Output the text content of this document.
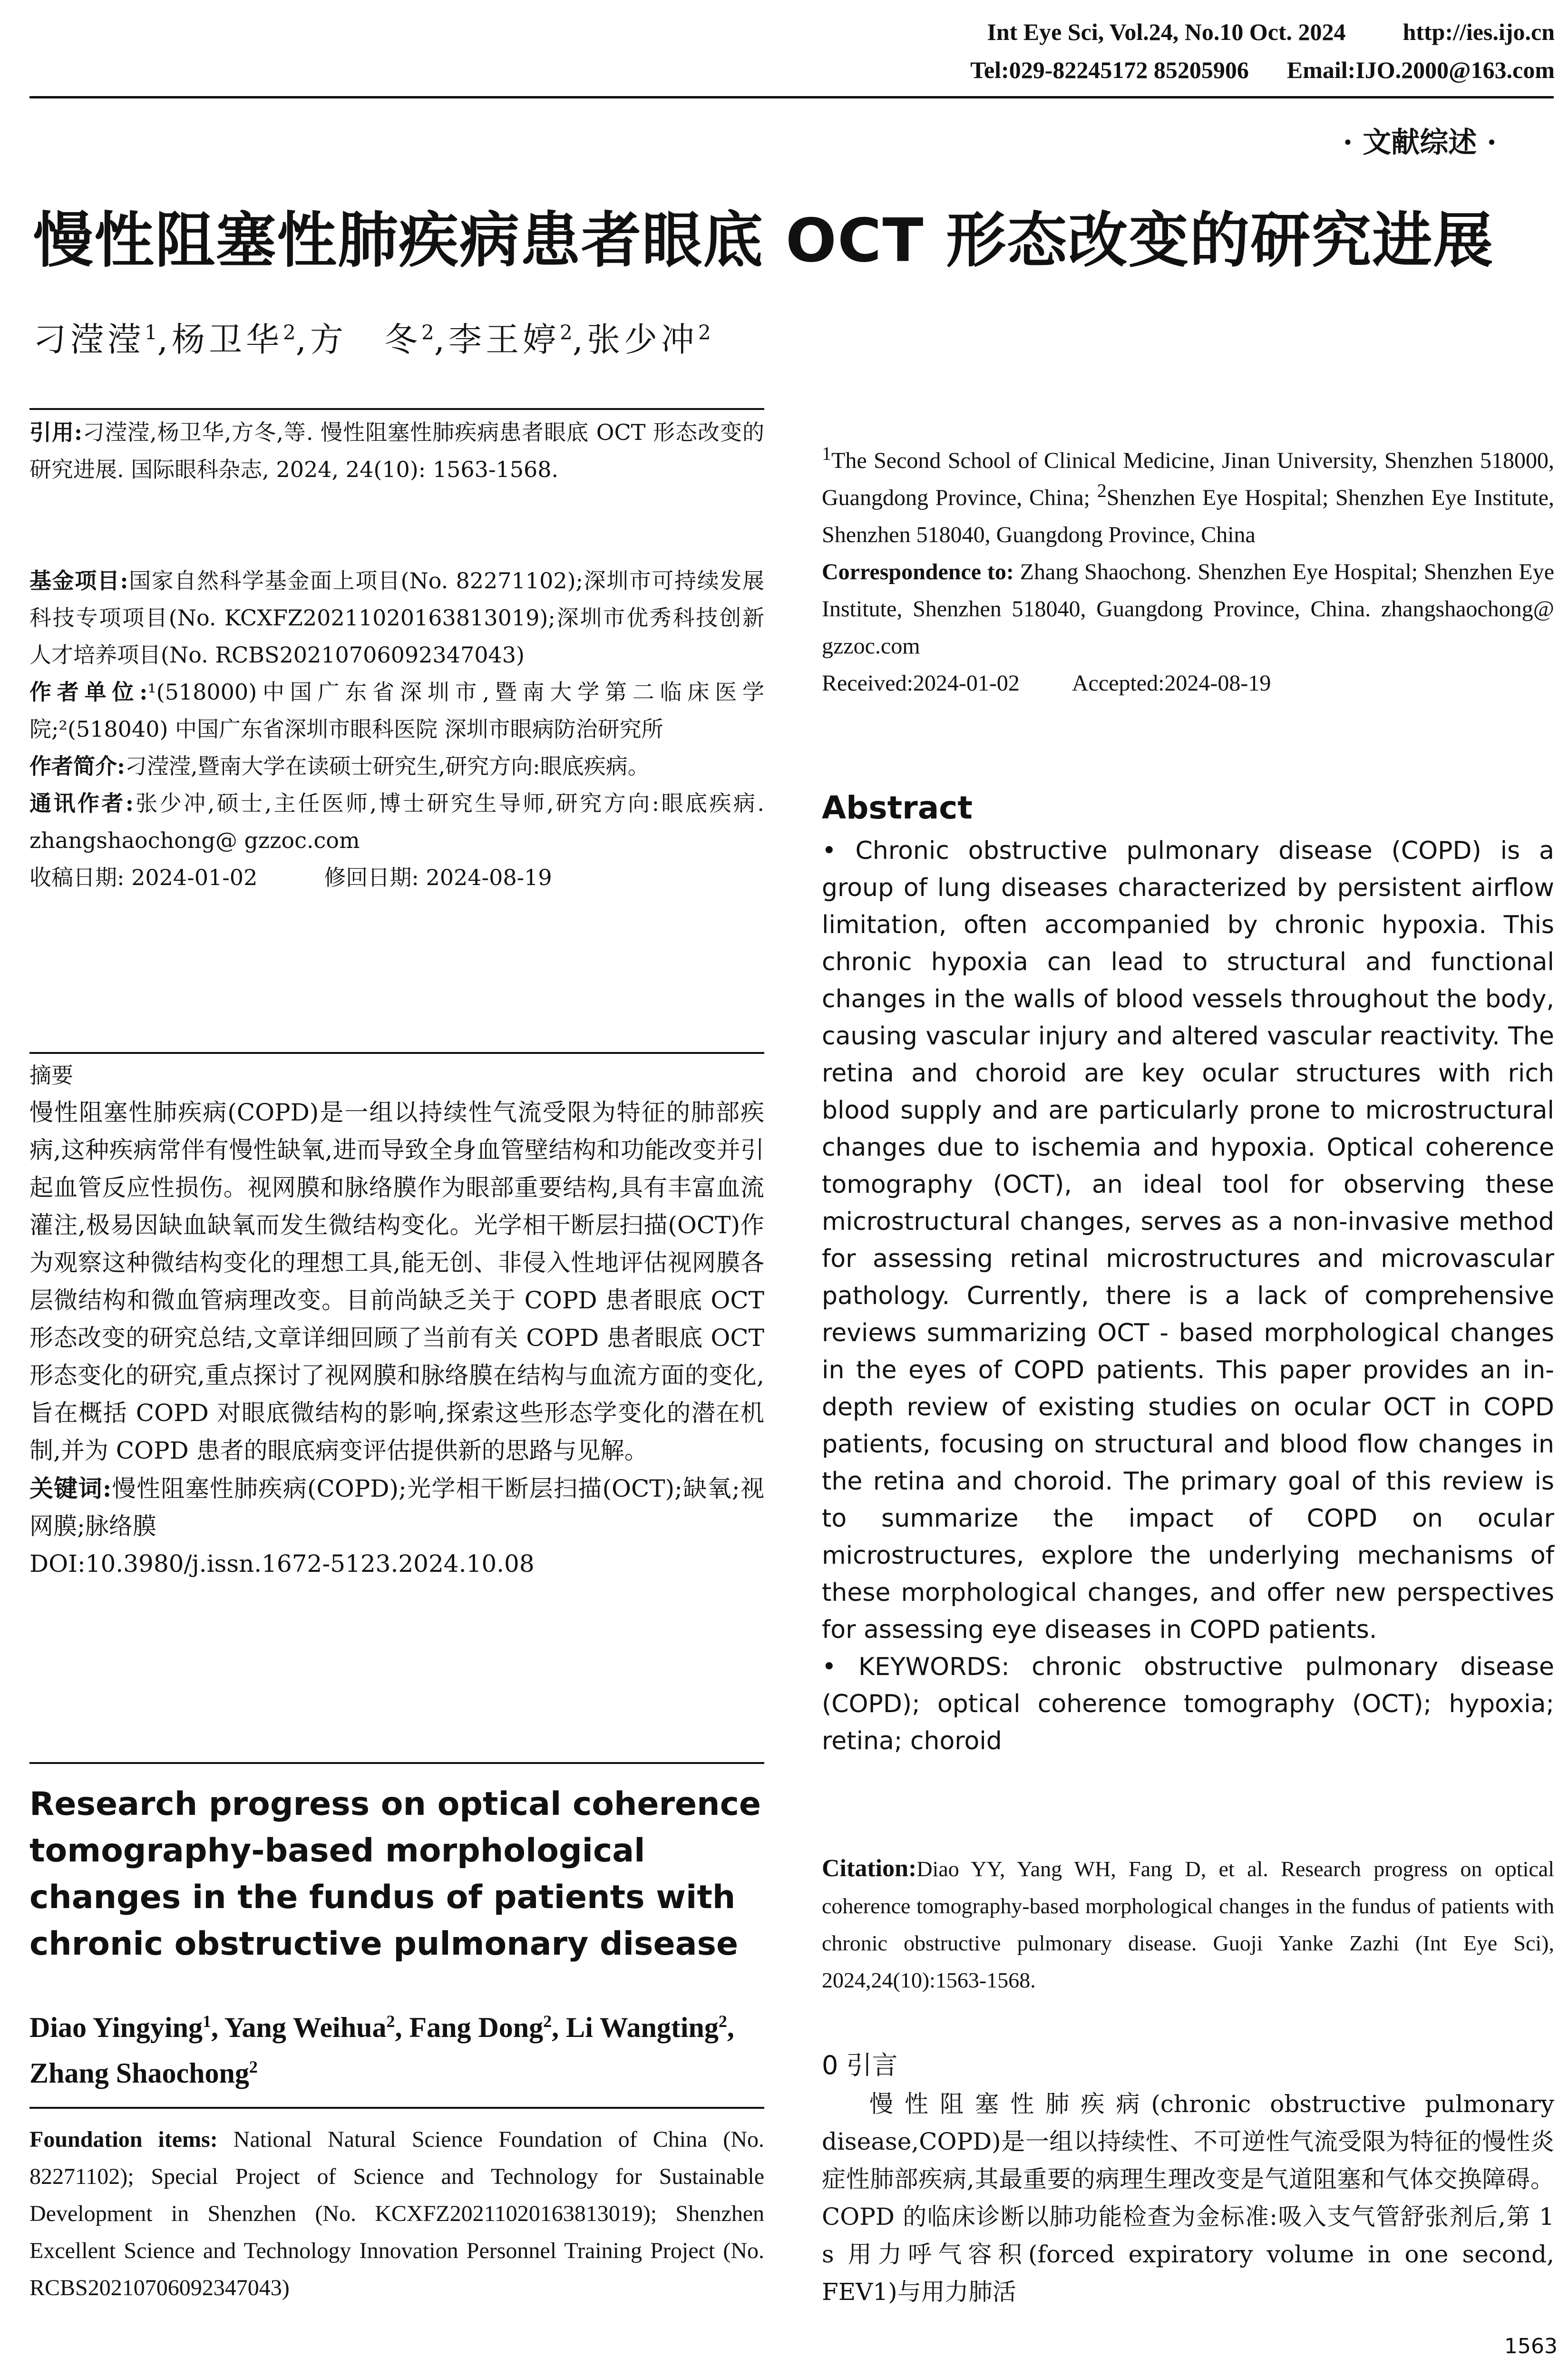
Int Eye Sci, Vol.24, No.10 Oct. 2024 http://ies.ijo.cn
Tel:029-82245172 85205906 Email:IJO.2000@163.com
· 文献综述 ·
慢性阻塞性肺疾病患者眼底 OCT 形态改变的研究进展
刁滢滢$^1$,杨卫华$^2$,方　冬$^2$,李王婷$^2$,张少冲$^2$
引用:刁滢滢,杨卫华,方冬,等. 慢性阻塞性肺疾病患者眼底 OCT 形态改变的研究进展. 国际眼科杂志, 2024, 24(10): 1563-1568.

基金项目:国家自然科学基金面上项目(No. 82271102);深圳市可持续发展科技专项项目(No. KCXFZ20211020163813019);深圳市优秀科技创新人才培养项目(No. RCBS20210706092347043)

作者单位:¹(518000)中国广东省深圳市,暨南大学第二临床医学院;²(518040) 中国广东省深圳市眼科医院 深圳市眼病防治研究所

作者简介:刁滢滢,暨南大学在读硕士研究生,研究方向:眼底疾病。

通讯作者:张少冲,硕士,主任医师,博士研究生导师,研究方向:眼底疾病. zhangshaochong@ gzzoc.com

收稿日期: 2024-01-02	修回日期: 2024-08-19

摘要

慢性阻塞性肺疾病(COPD)是一组以持续性气流受限为特征的肺部疾病,这种疾病常伴有慢性缺氧,进而导致全身血管壁结构和功能改变并引起血管反应性损伤。视网膜和脉络膜作为眼部重要结构,具有丰富血流灌注,极易因缺血缺氧而发生微结构变化。光学相干断层扫描(OCT)作为观察这种微结构变化的理想工具,能无创、非侵入性地评估视网膜各层微结构和微血管病理改变。目前尚缺乏关于 COPD 患者眼底 OCT 形态改变的研究总结,文章详细回顾了当前有关 COPD 患者眼底 OCT 形态变化的研究,重点探讨了视网膜和脉络膜在结构与血流方面的变化,旨在概括 COPD 对眼底微结构的影响,探索这些形态学变化的潜在机制,并为 COPD 患者的眼底病变评估提供新的思路与见解。

关键词:慢性阻塞性肺疾病(COPD);光学相干断层扫描(OCT);缺氧;视网膜;脉络膜

DOI:10.3980/j.issn.1672-5123.2024.10.08

Research progress on optical coherence tomography-based morphological changes in the fundus of patients with chronic obstructive pulmonary disease
Diao Yingying$^1$, Yang Weihua$^2$, Fang Dong$^2$, Li Wangting$^2$, Zhang Shaochong$^2$
Foundation items: National Natural Science Foundation of China (No. 82271102); Special Project of Science and Technology for Sustainable Development in Shenzhen (No. KCXFZ20211020163813019); Shenzhen Excellent Science and Technology Innovation Personnel Training Project (No. RCBS20210706092347043)

$^1$The Second School of Clinical Medicine, Jinan University, Shenzhen 518000, Guangdong Province, China; $^2$Shenzhen Eye Hospital; Shenzhen Eye Institute, Shenzhen 518040, Guangdong Province, China

Correspondence to: Zhang Shaochong. Shenzhen Eye Hospital; Shenzhen Eye Institute, Shenzhen 518040, Guangdong Province, China. zhangshaochong@ gzzoc.com

Received:2024-01-02 Accepted:2024-08-19

Abstract

• Chronic obstructive pulmonary disease (COPD) is a group of lung diseases characterized by persistent airflow limitation, often accompanied by chronic hypoxia. This chronic hypoxia can lead to structural and functional changes in the walls of blood vessels throughout the body, causing vascular injury and altered vascular reactivity. The retina and choroid are key ocular structures with rich blood supply and are particularly prone to microstructural changes due to ischemia and hypoxia. Optical coherence tomography (OCT), an ideal tool for observing these microstructural changes, serves as a non-invasive method for assessing retinal microstructures and microvascular pathology. Currently, there is a lack of comprehensive reviews summarizing OCT - based morphological changes in the eyes of COPD patients. This paper provides an in-depth review of existing studies on ocular OCT in COPD patients, focusing on structural and blood flow changes in the retina and choroid. The primary goal of this review is to summarize the impact of COPD on ocular microstructures, explore the underlying mechanisms of these morphological changes, and offer new perspectives for assessing eye diseases in COPD patients.

• KEYWORDS: chronic obstructive pulmonary disease (COPD); optical coherence tomography (OCT); hypoxia; retina; choroid

Citation:Diao YY, Yang WH, Fang D, et al. Research progress on optical coherence tomography-based morphological changes in the fundus of patients with chronic obstructive pulmonary disease. Guoji Yanke Zazhi (Int Eye Sci), 2024,24(10):1563-1568.
0 引言
慢性阻塞性肺疾病(chronic obstructive pulmonary disease,COPD)是一组以持续性、不可逆性气流受限为特征的慢性炎症性肺部疾病,其最重要的病理生理改变是气道阻塞和气体交换障碍。COPD 的临床诊断以肺功能检查为金标准:吸入支气管舒张剂后,第 1 s 用力呼气容积(forced expiratory volume in one second, FEV1)与用力肺活
1563
